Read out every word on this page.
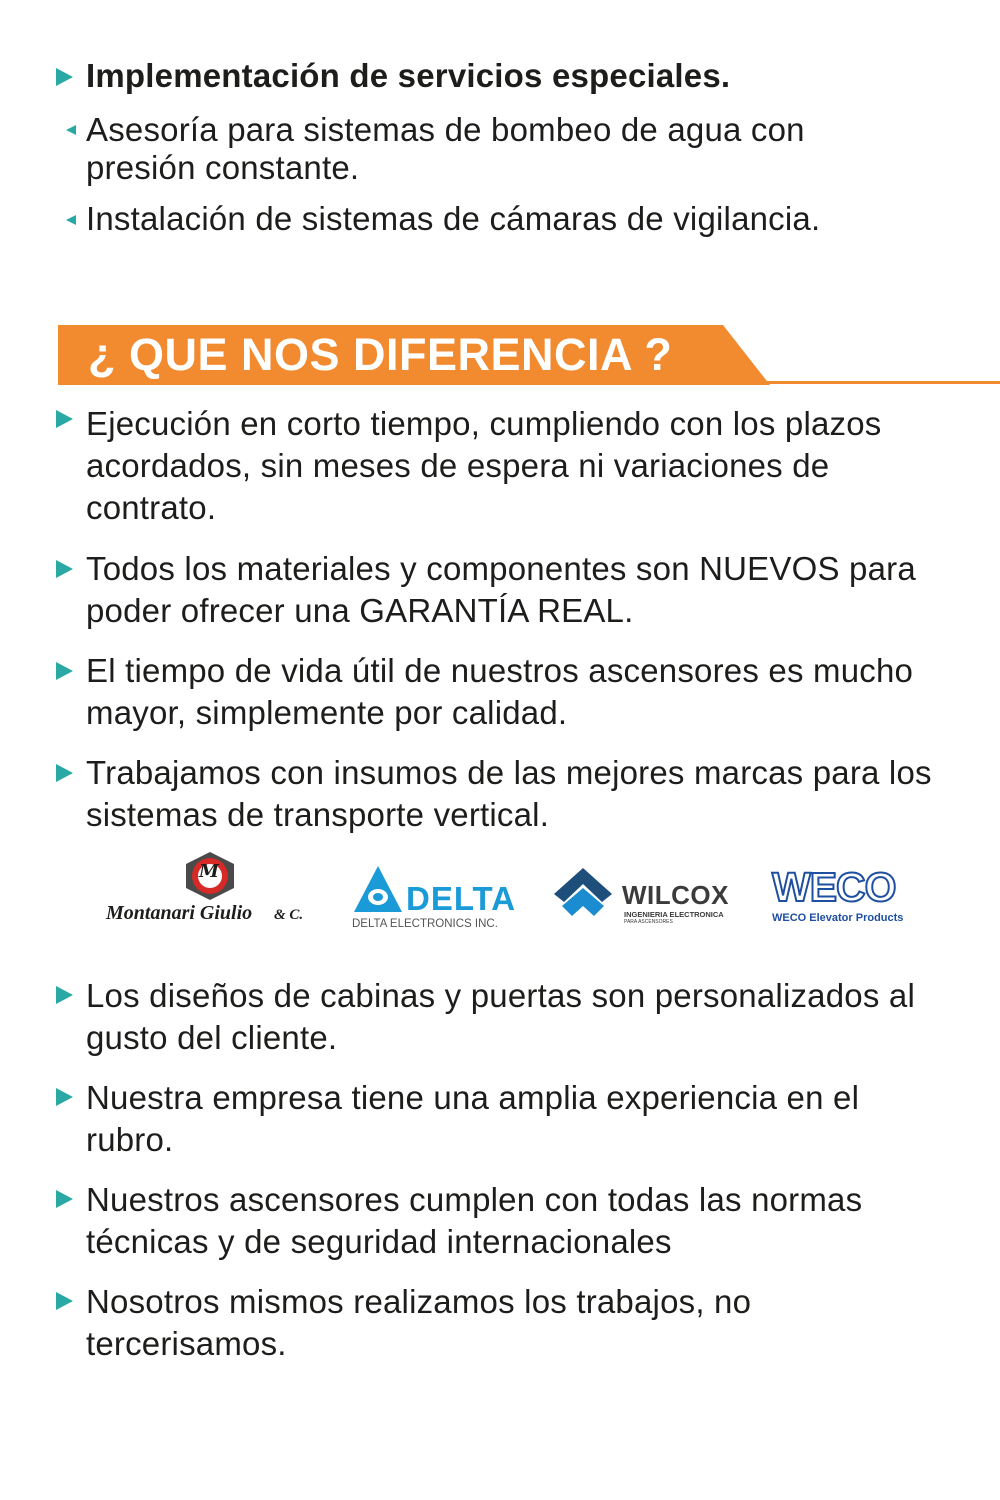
Implementación de servicios especiales.
Asesoría para sistemas de bombeo de agua con presión constante.
Instalación de sistemas de cámaras de vigilancia.
¿ QUE NOS DIFERENCIA ?
Ejecución en corto tiempo, cumpliendo con los plazos acordados, sin meses de espera ni variaciones de contrato.
Todos los materiales y componentes son NUEVOS para poder ofrecer una GARANTÍA REAL.
El tiempo de vida útil de nuestros ascensores es mucho mayor, simplemente por calidad.
Trabajamos con insumos de las mejores marcas para los sistemas de transporte vertical.
M
Montanari Giulio & C.	DELTA
DELTA ELECTRONICS INC.
WILCOX
INGENIERIA ELECTRONICA
PARA ASCENSORES
WECO
WECO Elevator Products
Los diseños de cabinas y puertas son personalizados al gusto del cliente.
Nuestra empresa tiene una amplia experiencia en el rubro.
Nuestros ascensores cumplen con todas las normas técnicas y de seguridad internacionales
Nosotros mismos realizamos los trabajos, no tercerisamos.
